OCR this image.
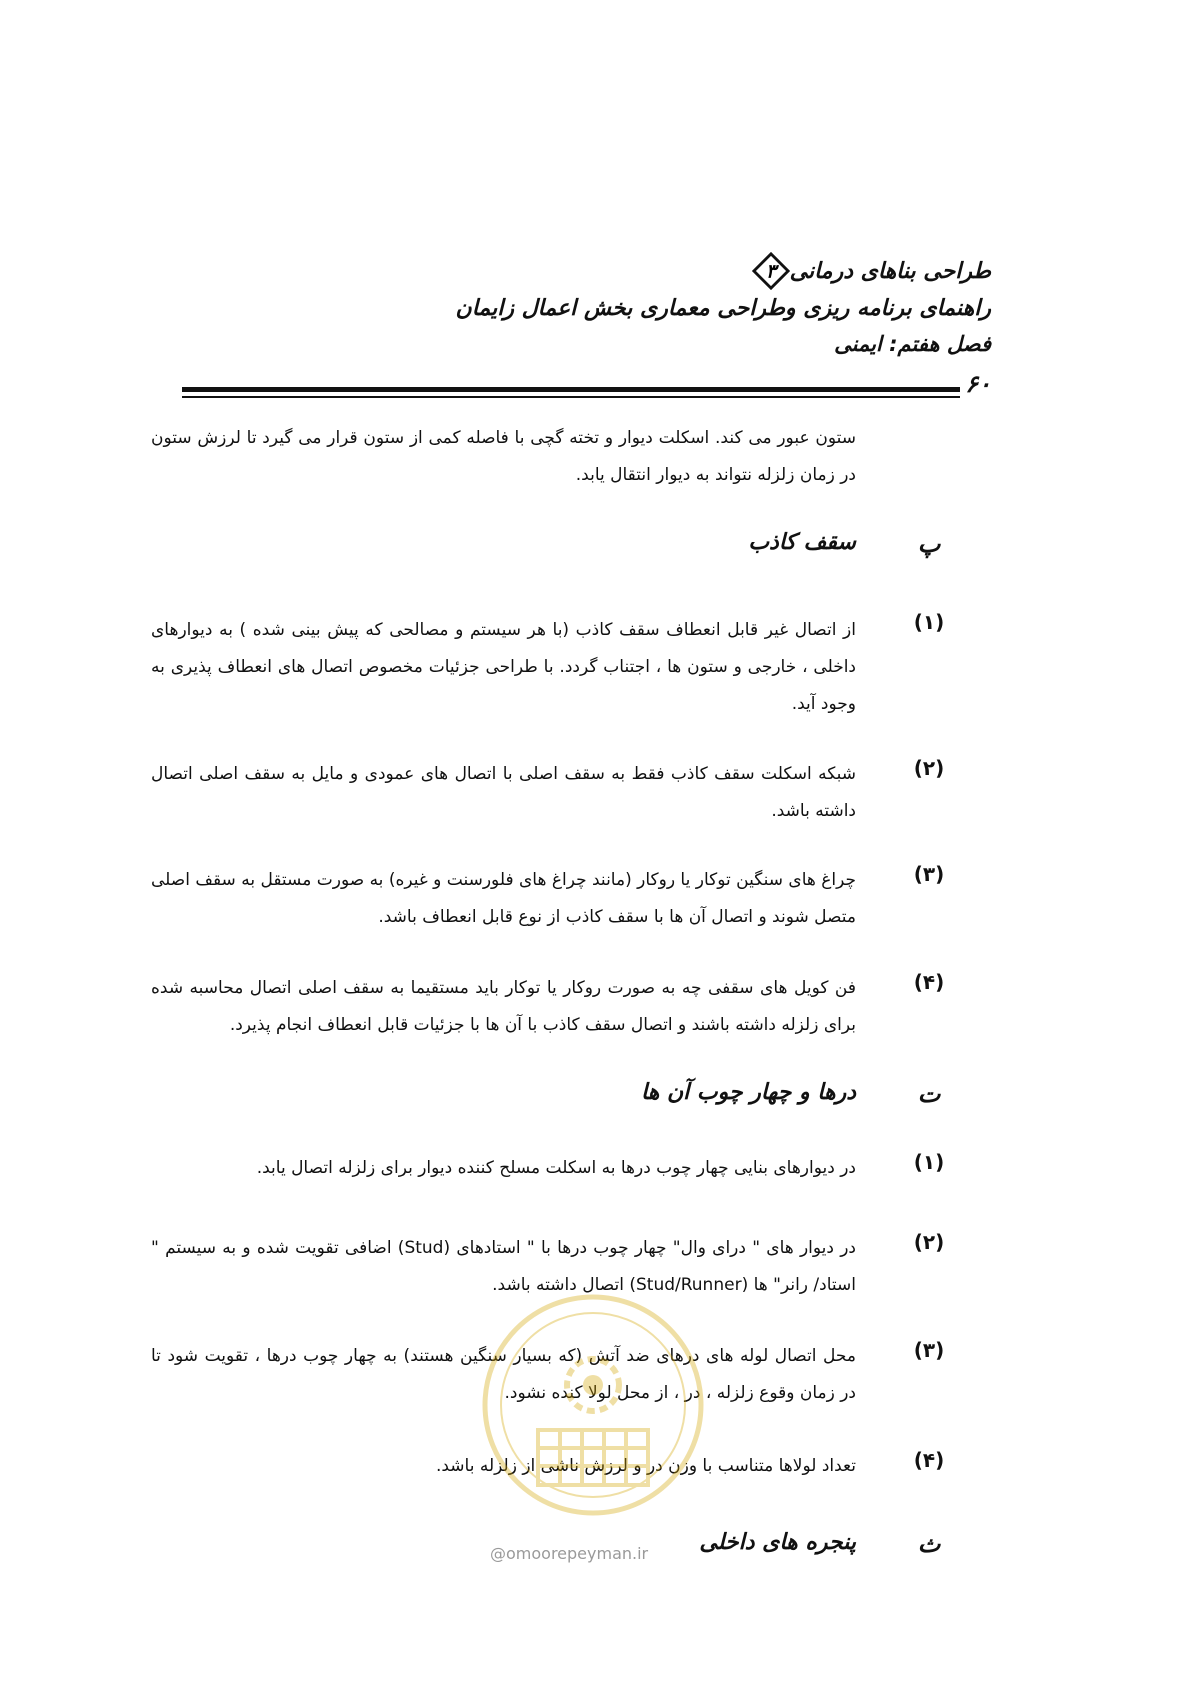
طراحی بناهای درمانی
۳
راهنمای برنامه ریزی وطراحی معماری بخش اعمال زایمان
فصل هفتم: ایمنی
۶۰
ستون عبور می کند. اسکلت دیوار و تخته گچی با فاصله کمی از ستون قرار می گیرد تا لرزش ستون در زمان زلزله نتواند به دیوار انتقال یابد.
پ
سقف کاذب
(۱)
از اتصال غیر قابل انعطاف سقف کاذب (با هر سیستم و مصالحی که پیش بینی شده ) به دیوارهای داخلی ، خارجی و ستون ها ، اجتناب گردد. با طراحی جزئیات مخصوص اتصال های انعطاف پذیری به وجود آید.
(۲)
شبکه اسکلت سقف کاذب فقط به سقف اصلی با اتصال های عمودی و مایل به سقف اصلی اتصال داشته باشد.
(۳)
چراغ های سنگین توکار یا روکار (مانند چراغ های فلورسنت و غیره) به صورت مستقل به سقف اصلی متصل شوند و اتصال آن ها با سقف کاذب از نوع قابل انعطاف باشد.
(۴)
فن کویل های سقفی چه به صورت روکار یا توکار باید مستقیما به سقف اصلی اتصال محاسبه شده برای زلزله داشته باشند و اتصال سقف کاذب با آن ها با جزئیات قابل انعطاف انجام پذیرد.
ت
درها و چهار چوب آن ها
(۱)
در دیوارهای بنایی چهار چوب درها به اسکلت مسلح کننده دیوار برای زلزله اتصال یابد.
(۲)
در دیوار های " درای وال" چهار چوب درها با " استادهای (Stud) اضافی تقویت شده و به سیستم " استاد/ رانر" ها (Stud/Runner) اتصال داشته باشد.
(۳)
محل اتصال لوله های درهای ضد آتش (که بسیار سنگین هستند) به چهار چوب درها ، تقویت شود تا در زمان وقوع زلزله ، در ، از محل لولا کنده نشود.
(۴)
تعداد لولاها متناسب با وزن در و لرزش ناشی از زلزله باشد.
ث
پنجره های داخلی
@omoorepeyman.ir
